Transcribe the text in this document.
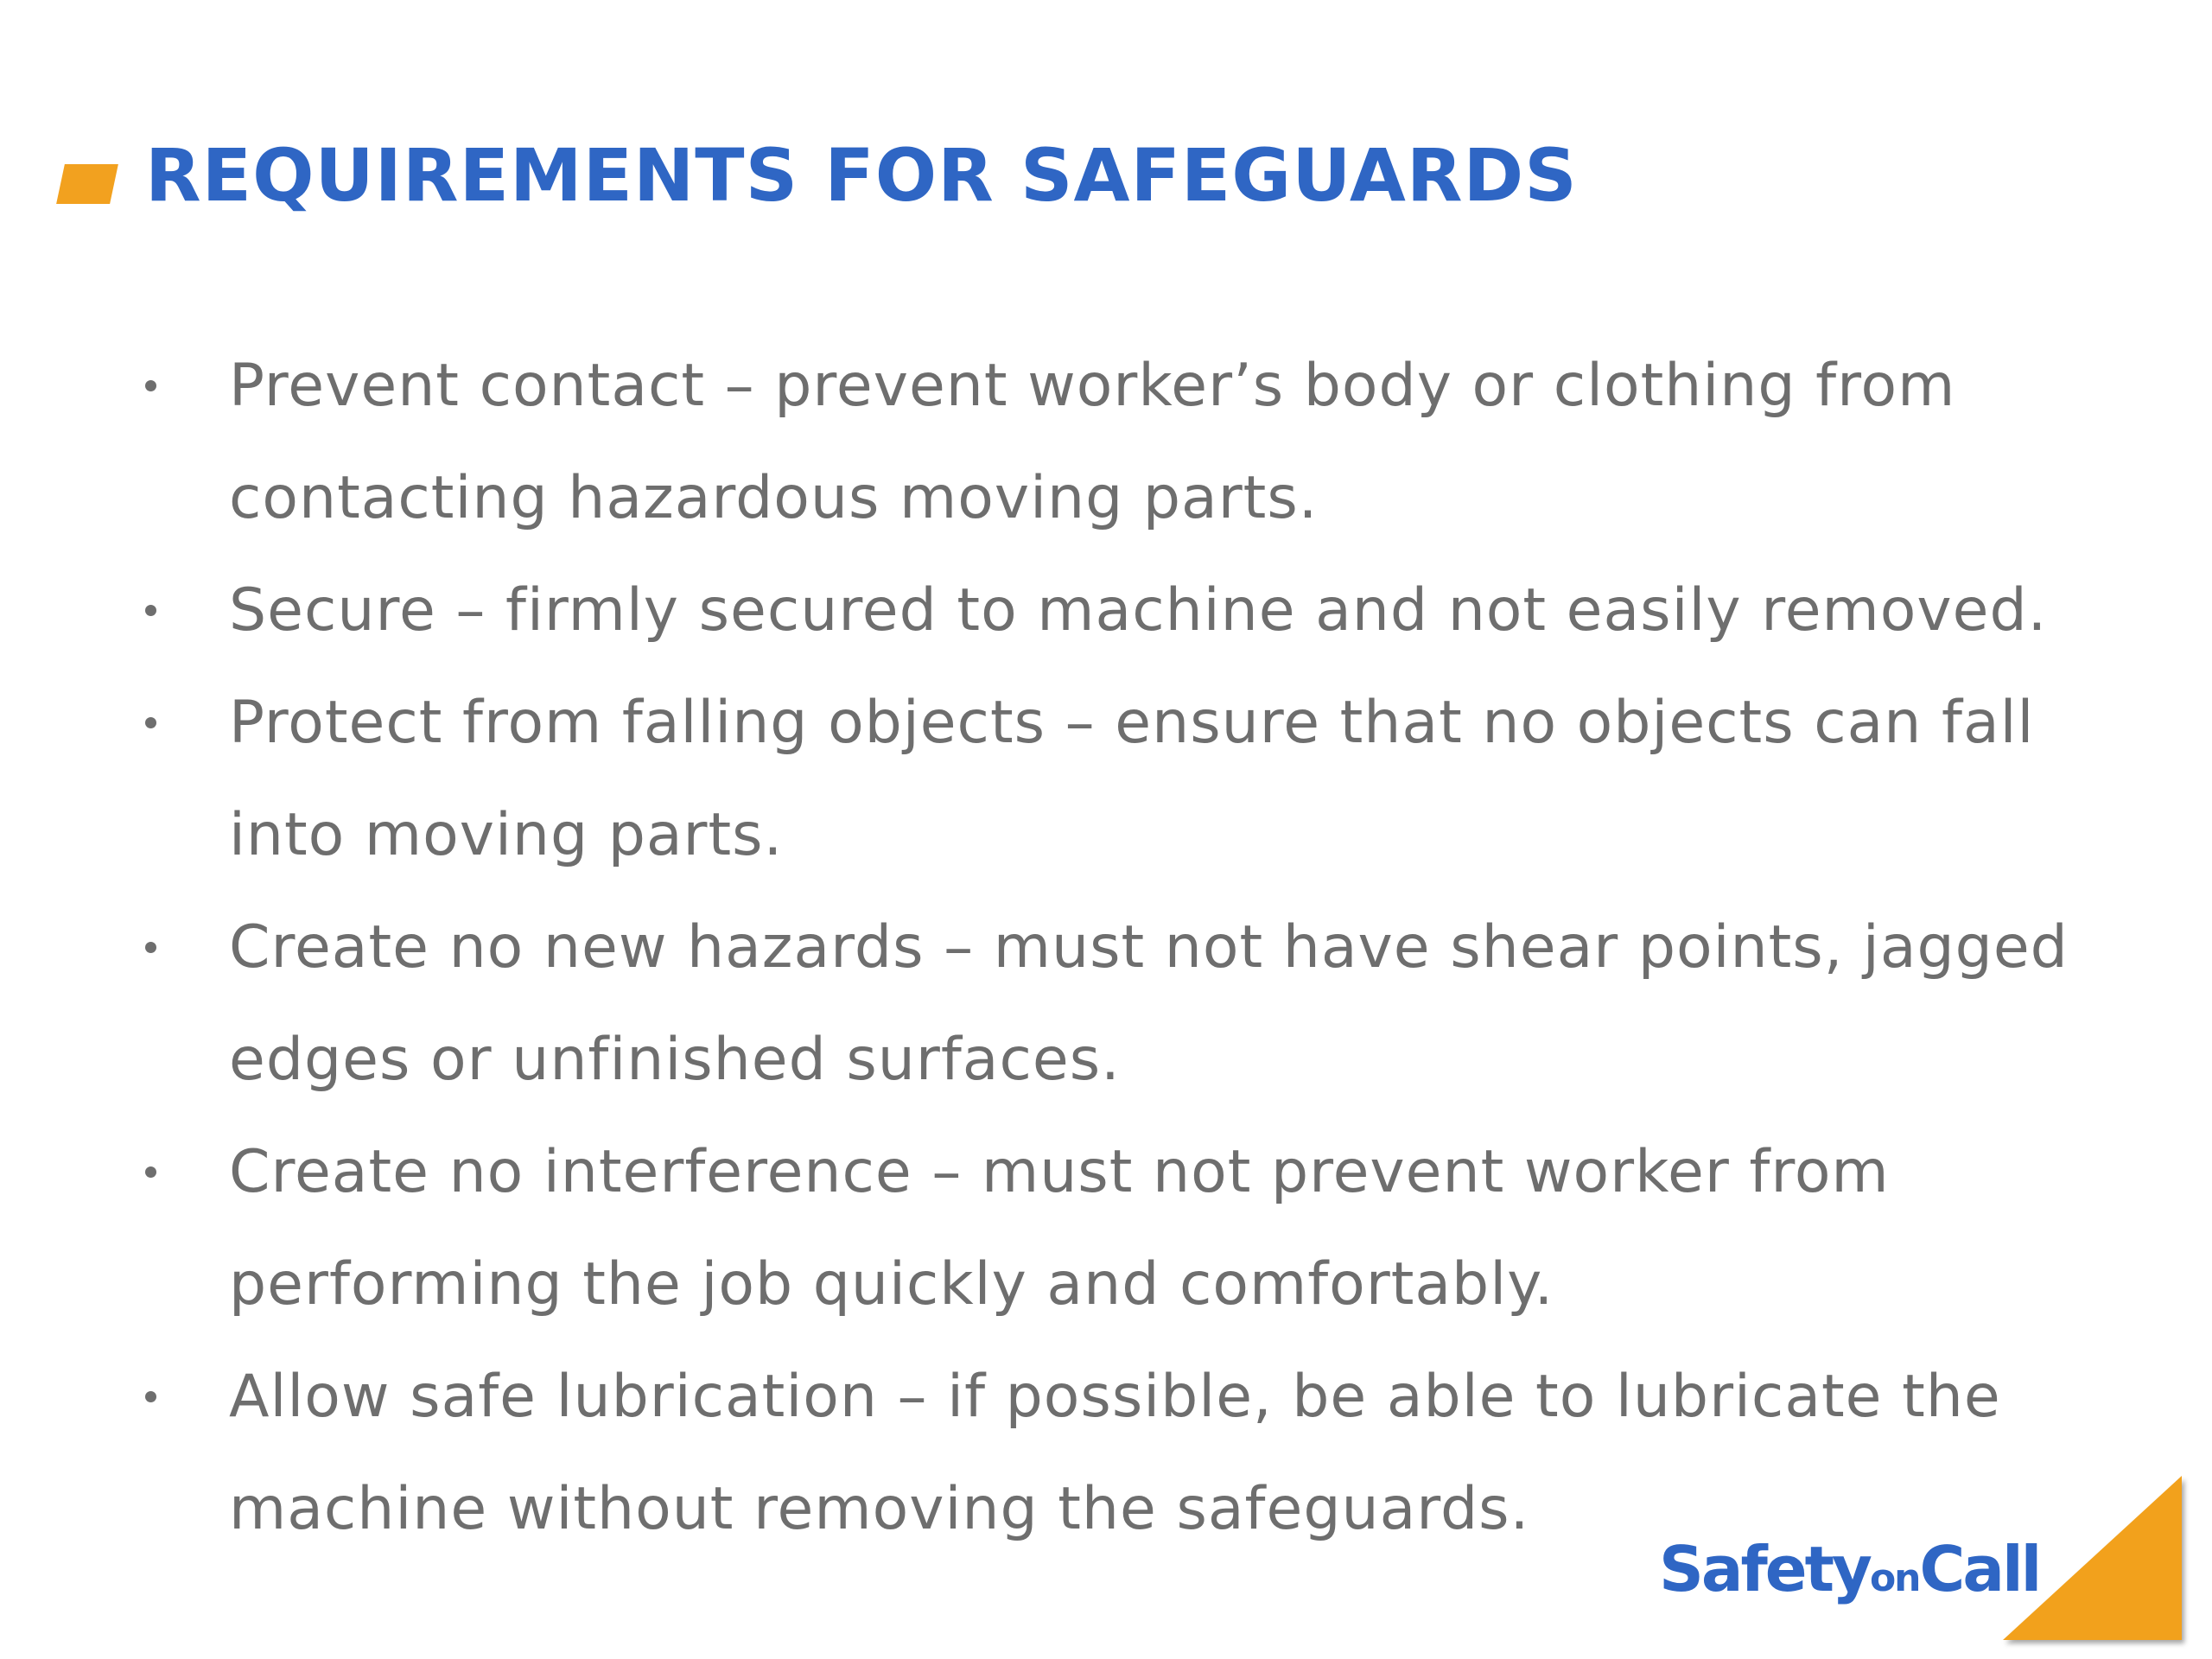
REQUIREMENTS FOR SAFEGUARDS
Prevent contact – prevent worker’s body or clothing from contacting hazardous moving parts.
Secure – firmly secured to machine and not easily removed.
Protect from falling objects – ensure that no objects can fall into moving parts.
Create no new hazards – must not have shear points, jagged edges or unfinished surfaces.
Create no interference – must not prevent worker from performing the job quickly and comfortably.
Allow safe lubrication – if possible, be able to lubricate the machine without removing the safeguards.
SafetyonCall
